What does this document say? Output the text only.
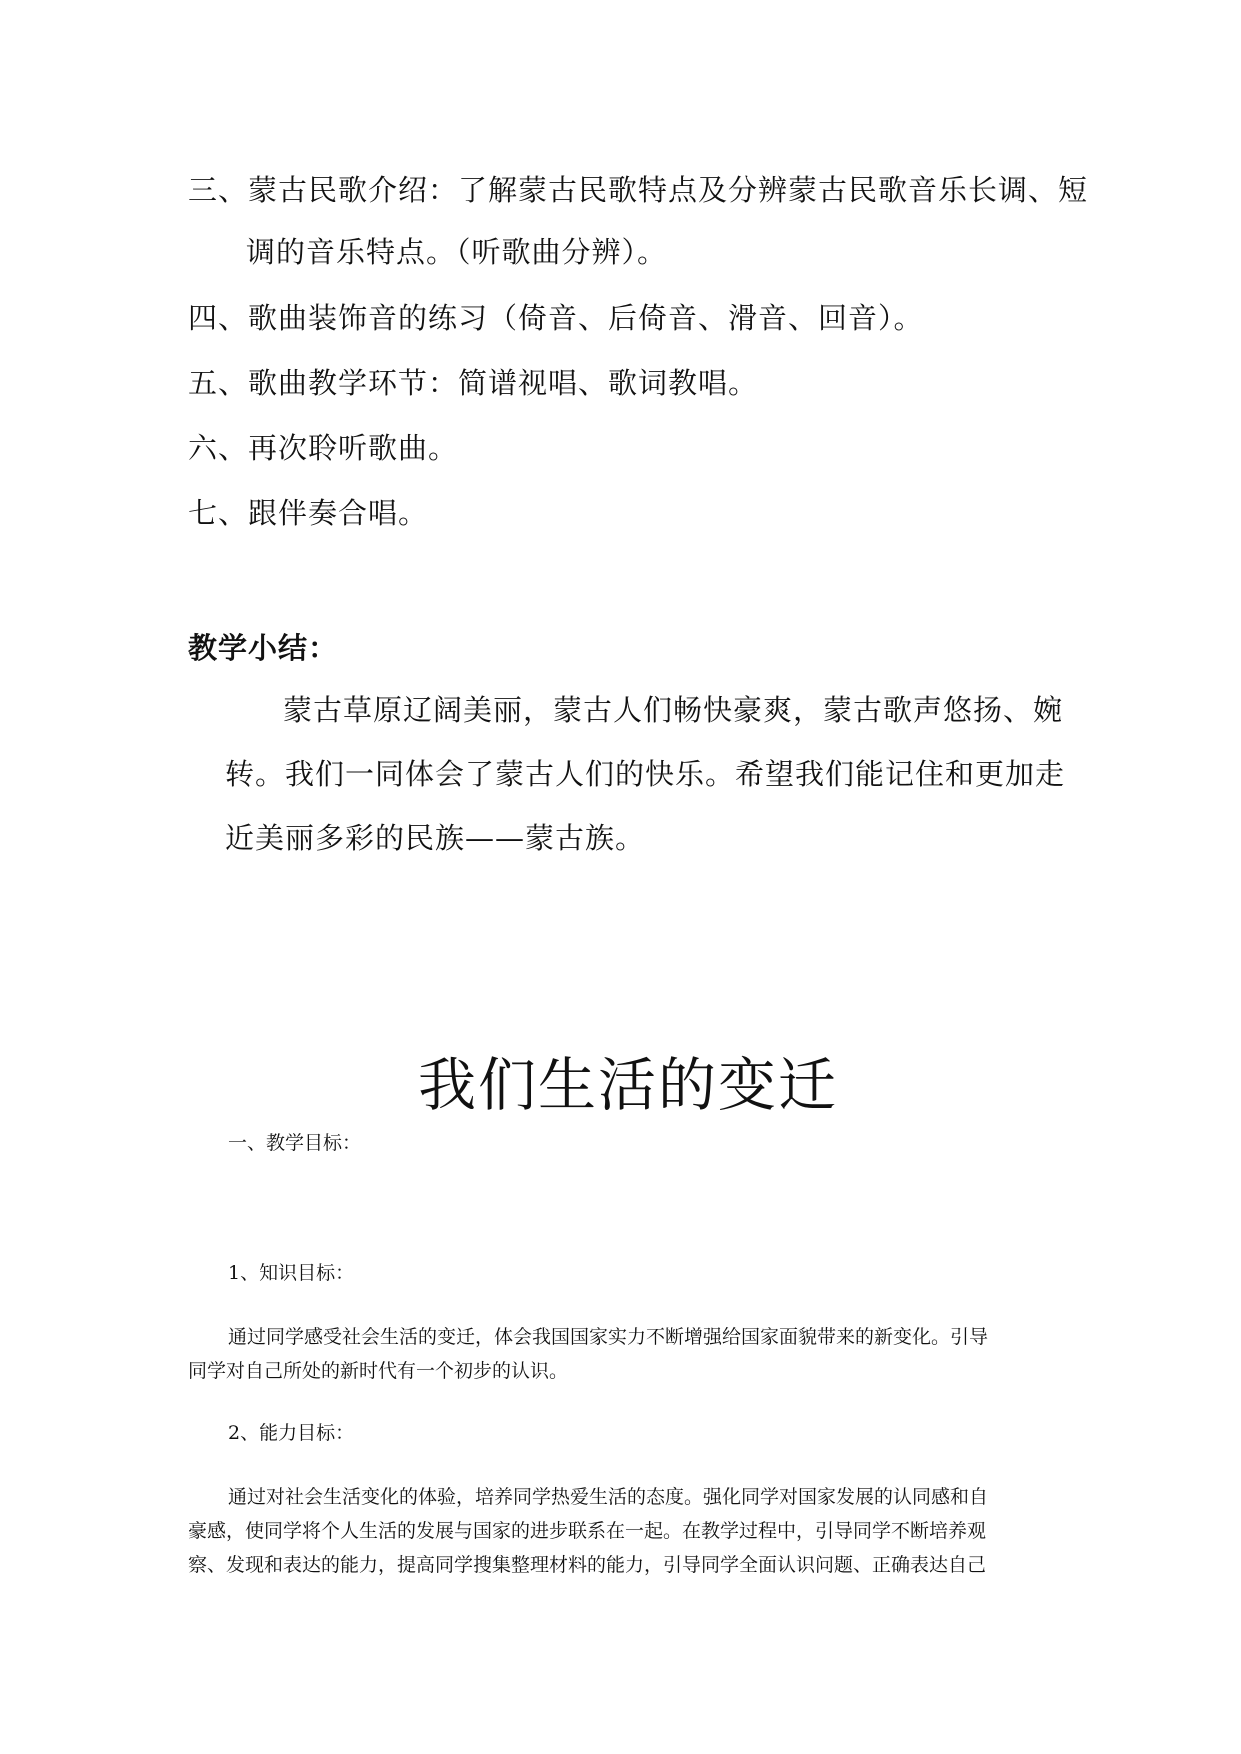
三、蒙古民歌介绍：了解蒙古民歌特点及分辨蒙古民歌音乐长调、短

调的音乐特点。（听歌曲分辨）。

四、歌曲装饰音的练习（倚音、后倚音、滑音、回音）。

五、歌曲教学环节：简谱视唱、歌词教唱。

六、再次聆听歌曲。

七、跟伴奏合唱。

教学小结：

蒙古草原辽阔美丽，蒙古人们畅快豪爽，蒙古歌声悠扬、婉

转。我们一同体会了蒙古人们的快乐。希望我们能记住和更加走

近美丽多彩的民族——蒙古族。

我们生活的变迁

一、教学目标：

1、知识目标：

通过同学感受社会生活的变迁，体会我国国家实力不断增强给国家面貌带来的新变化。引导

同学对自己所处的新时代有一个初步的认识。

2、能力目标：

通过对社会生活变化的体验，培养同学热爱生活的态度。强化同学对国家发展的认同感和自

豪感，使同学将个人生活的发展与国家的进步联系在一起。在教学过程中，引导同学不断培养观

察、发现和表达的能力，提高同学搜集整理材料的能力，引导同学全面认识问题、正确表达自己
